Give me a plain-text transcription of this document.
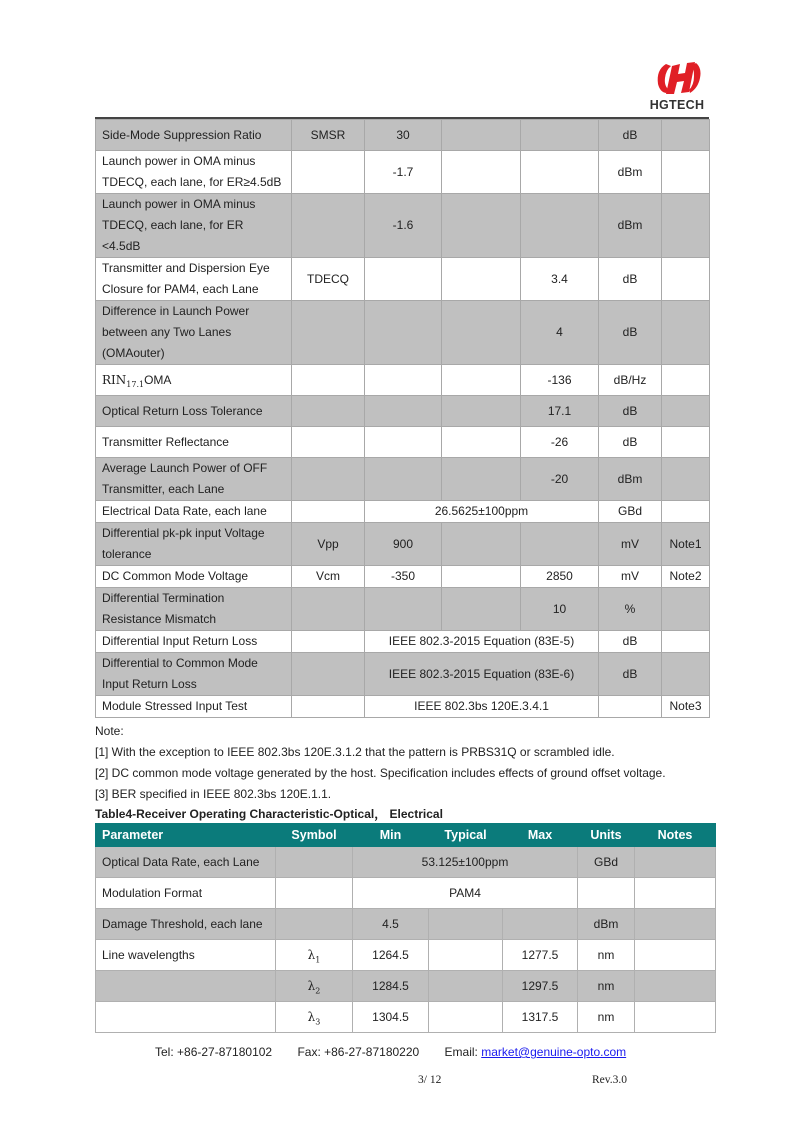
HGTECH
Side-Mode Suppression Ratio	SMSR	30			dB	

Launch power in OMA minus
TDECQ, each lane, for ER≥4.5dB		-1.7			dBm	

Launch power in OMA minus
TDECQ, each lane, for ER <4.5dB		-1.6			dBm	

Transmitter and Dispersion Eye
Closure for PAM4, each Lane	TDECQ			3.4	dB	

Difference in Launch Power
between any Two Lanes
(OMAouter)				4	dB	
$RIN_{17.1}OMA$				-136	dB/Hz	
Optical Return Loss Tolerance				17.1	dB	
Transmitter Reflectance				-26	dB	

Average Launch Power of OFF
Transmitter, each Lane				-20	dBm	
Electrical Data Rate, each lane		26.5625±100ppm			GBd	

Differential pk-pk input Voltage
tolerance	Vpp	900			mV	Note1
DC Common Mode Voltage	Vcm	-350		2850	mV	Note2

Differential Termination
Resistance Mismatch				10	%	
Differential Input Return Loss		IEEE 802.3-2015 Equation (83E-5)			dB	

Differential to Common Mode
Input Return Loss		IEEE 802.3-2015 Equation (83E-6)			dB	
Module Stressed Input Test		IEEE 802.3bs 120E.3.4.1				Note3
Note:
[1] With the exception to IEEE 802.3bs 120E.3.1.2 that the pattern is PRBS31Q or scrambled idle.
[2] DC common mode voltage generated by the host. Specification includes effects of ground offset voltage.
[3] BER specified in IEEE 802.3bs 120E.1.1.
Table4-Receiver Operating Characteristic-Optical， Electrical
Parameter	Symbol	Min	Typical	Max	Units	Notes
Optical Data Rate, each Lane		53.125±100ppm			GBd	
Modulation Format		PAM4				
Damage Threshold, each lane		4.5			dBm	
Line wavelengths	$\lambda_1$	1264.5		1277.5	nm	
	$\lambda_2$	1284.5		1297.5	nm	
	$\lambda_3$	1304.5		1317.5	nm	
Tel: +86-27-87180102 Fax: +86-27-87180220 Email: market@genuine-opto.com
3/ 12	Rev.3.0
